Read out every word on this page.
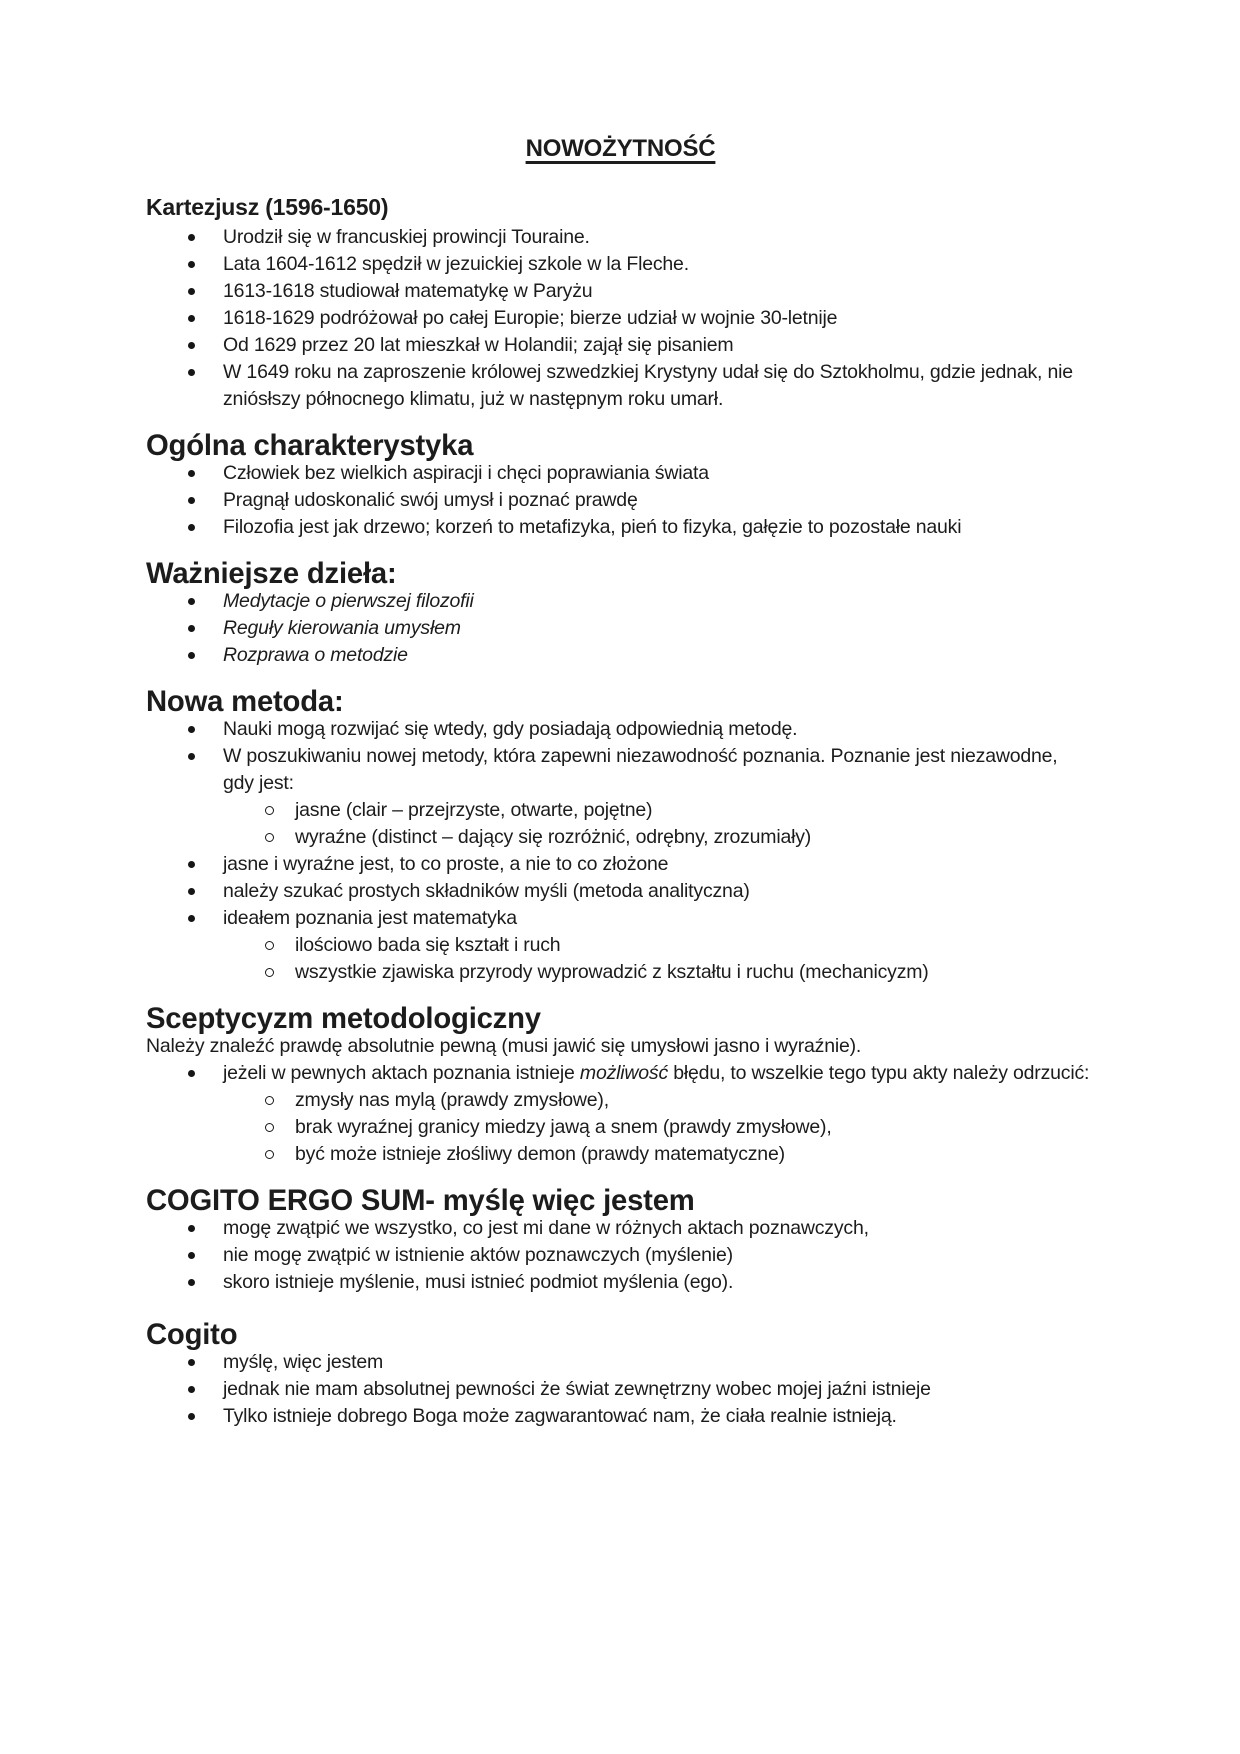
NOWOŻYTNOŚĆ
Kartezjusz (1596-1650)
Urodził się w francuskiej prowincji Touraine.
Lata 1604-1612 spędził w jezuickiej szkole w la Fleche.
1613-1618 studiował matematykę w Paryżu
1618-1629 podróżował po całej Europie; bierze udział w wojnie 30-letnije
Od 1629 przez 20 lat mieszkał w Holandii; zajął się pisaniem
W 1649 roku na zaproszenie królowej szwedzkiej Krystyny udał się do Sztokholmu, gdzie jednak, nie zniósłszy północnego klimatu, już w następnym roku umarł.
Ogólna charakterystyka
Człowiek bez wielkich aspiracji i chęci poprawiania świata
Pragnął udoskonalić swój umysł i poznać prawdę
Filozofia jest jak drzewo; korzeń to metafizyka, pień to fizyka, gałęzie to pozostałe nauki
Ważniejsze dzieła:
Medytacje o pierwszej filozofii
Reguły kierowania umysłem
Rozprawa o metodzie
Nowa metoda:
Nauki mogą rozwijać się wtedy, gdy posiadają odpowiednią metodę.
W poszukiwaniu nowej metody, która zapewni niezawodność poznania. Poznanie jest niezawodne, gdy jest:
jasne (clair – przejrzyste, otwarte, pojętne)
wyraźne (distinct – dający się rozróżnić, odrębny, zrozumiały)
jasne i wyraźne jest, to co proste, a nie to co złożone
należy szukać prostych składników myśli (metoda analityczna)
ideałem poznania jest matematyka
ilościowo bada się kształt i ruch
wszystkie zjawiska przyrody wyprowadzić z kształtu i ruchu (mechanicyzm)
Sceptycyzm metodologiczny

Należy znaleźć prawdę absolutnie pewną (musi jawić się umysłowi jasno i wyraźnie).

jeżeli w pewnych aktach poznania istnieje możliwość błędu, to wszelkie tego typu akty należy odrzucić:
zmysły nas mylą (prawdy zmysłowe),
brak wyraźnej granicy miedzy jawą a snem (prawdy zmysłowe),
być może istnieje złośliwy demon (prawdy matematyczne)
COGITO ERGO SUM- myślę więc jestem
mogę zwątpić we wszystko, co jest mi dane w różnych aktach poznawczych,
nie mogę zwątpić w istnienie aktów poznawczych (myślenie)
skoro istnieje myślenie, musi istnieć podmiot myślenia (ego).
Cogito
myślę, więc jestem
jednak nie mam absolutnej pewności że świat zewnętrzny wobec mojej jaźni istnieje
Tylko istnieje dobrego Boga może zagwarantować nam, że ciała realnie istnieją.
